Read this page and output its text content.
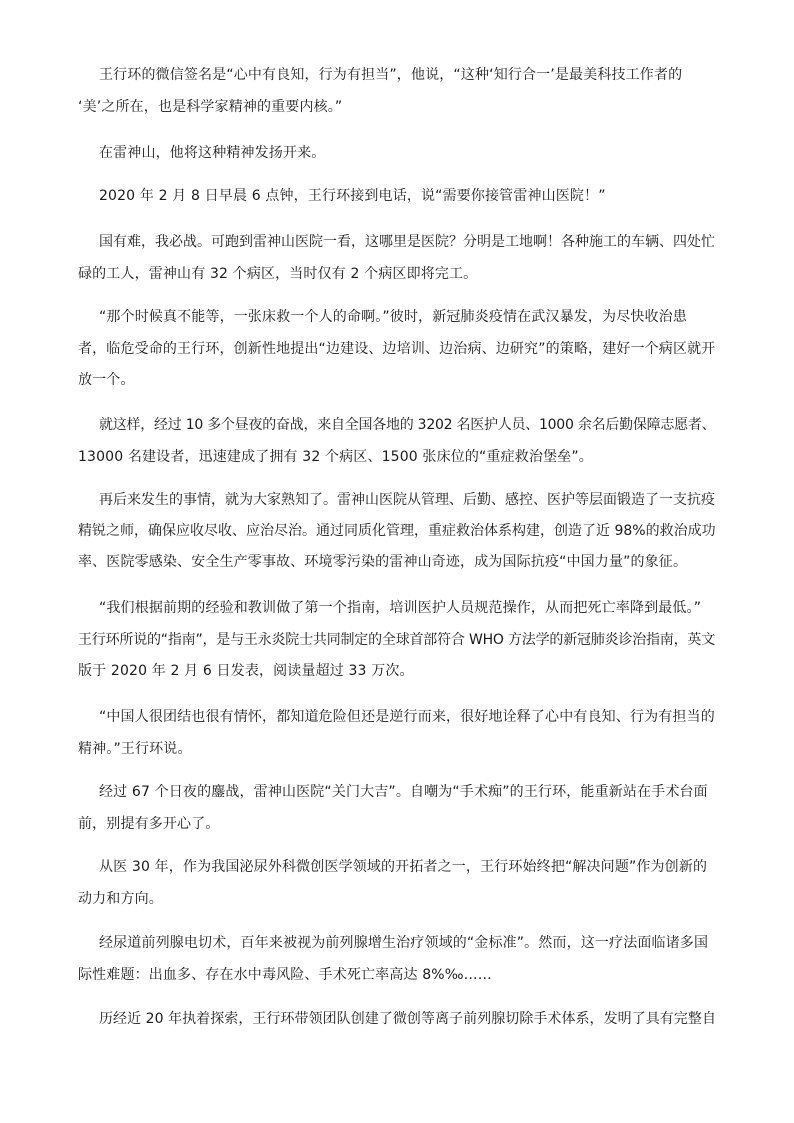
王行环的微信签名是“心中有良知，行为有担当”，他说，“这种‘知行合一’是最美科技工作者的
‘美’之所在，也是科学家精神的重要内核。”
在雷神山，他将这种精神发扬开来。
2020 年 2 月 8 日早晨 6 点钟，王行环接到电话，说“需要你接管雷神山医院！”
国有难，我必战。可跑到雷神山医院一看，这哪里是医院？分明是工地啊！各种施工的车辆、四处忙
碌的工人，雷神山有 32 个病区，当时仅有 2 个病区即将完工。
“那个时候真不能等，一张床救一个人的命啊。”彼时，新冠肺炎疫情在武汉暴发，为尽快收治患
者，临危受命的王行环，创新性地提出“边建设、边培训、边治病、边研究”的策略，建好一个病区就开
放一个。
就这样，经过 10 多个昼夜的奋战，来自全国各地的 3202 名医护人员、1000 余名后勤保障志愿者、
13000 名建设者，迅速建成了拥有 32 个病区、1500 张床位的“重症救治堡垒”。
再后来发生的事情，就为大家熟知了。雷神山医院从管理、后勤、感控、医护等层面锻造了一支抗疫
精锐之师，确保应收尽收、应治尽治。通过同质化管理，重症救治体系构建，创造了近 98%的救治成功
率、医院零感染、安全生产零事故、环境零污染的雷神山奇迹，成为国际抗疫“中国力量”的象征。
“我们根据前期的经验和教训做了第一个指南，培训医护人员规范操作，从而把死亡率降到最低。”
王行环所说的“指南”，是与王永炎院士共同制定的全球首部符合 WHO 方法学的新冠肺炎诊治指南，英文
版于 2020 年 2 月 6 日发表，阅读量超过 33 万次。
“中国人很团结也很有情怀，都知道危险但还是逆行而来，很好地诠释了心中有良知、行为有担当的
精神。”王行环说。
经过 67 个日夜的鏖战，雷神山医院“关门大吉”。自嘲为“手术痴”的王行环，能重新站在手术台面
前，别提有多开心了。
从医 30 年，作为我国泌尿外科微创医学领域的开拓者之一，王行环始终把“解决问题”作为创新的
动力和方向。
经尿道前列腺电切术，百年来被视为前列腺增生治疗领域的“金标准”。然而，这一疗法面临诸多国
际性难题：出血多、存在水中毒风险、手术死亡率高达 8%‰……
历经近 20 年执着探索，王行环带领团队创建了微创等离子前列腺切除手术体系，发明了具有完整自
